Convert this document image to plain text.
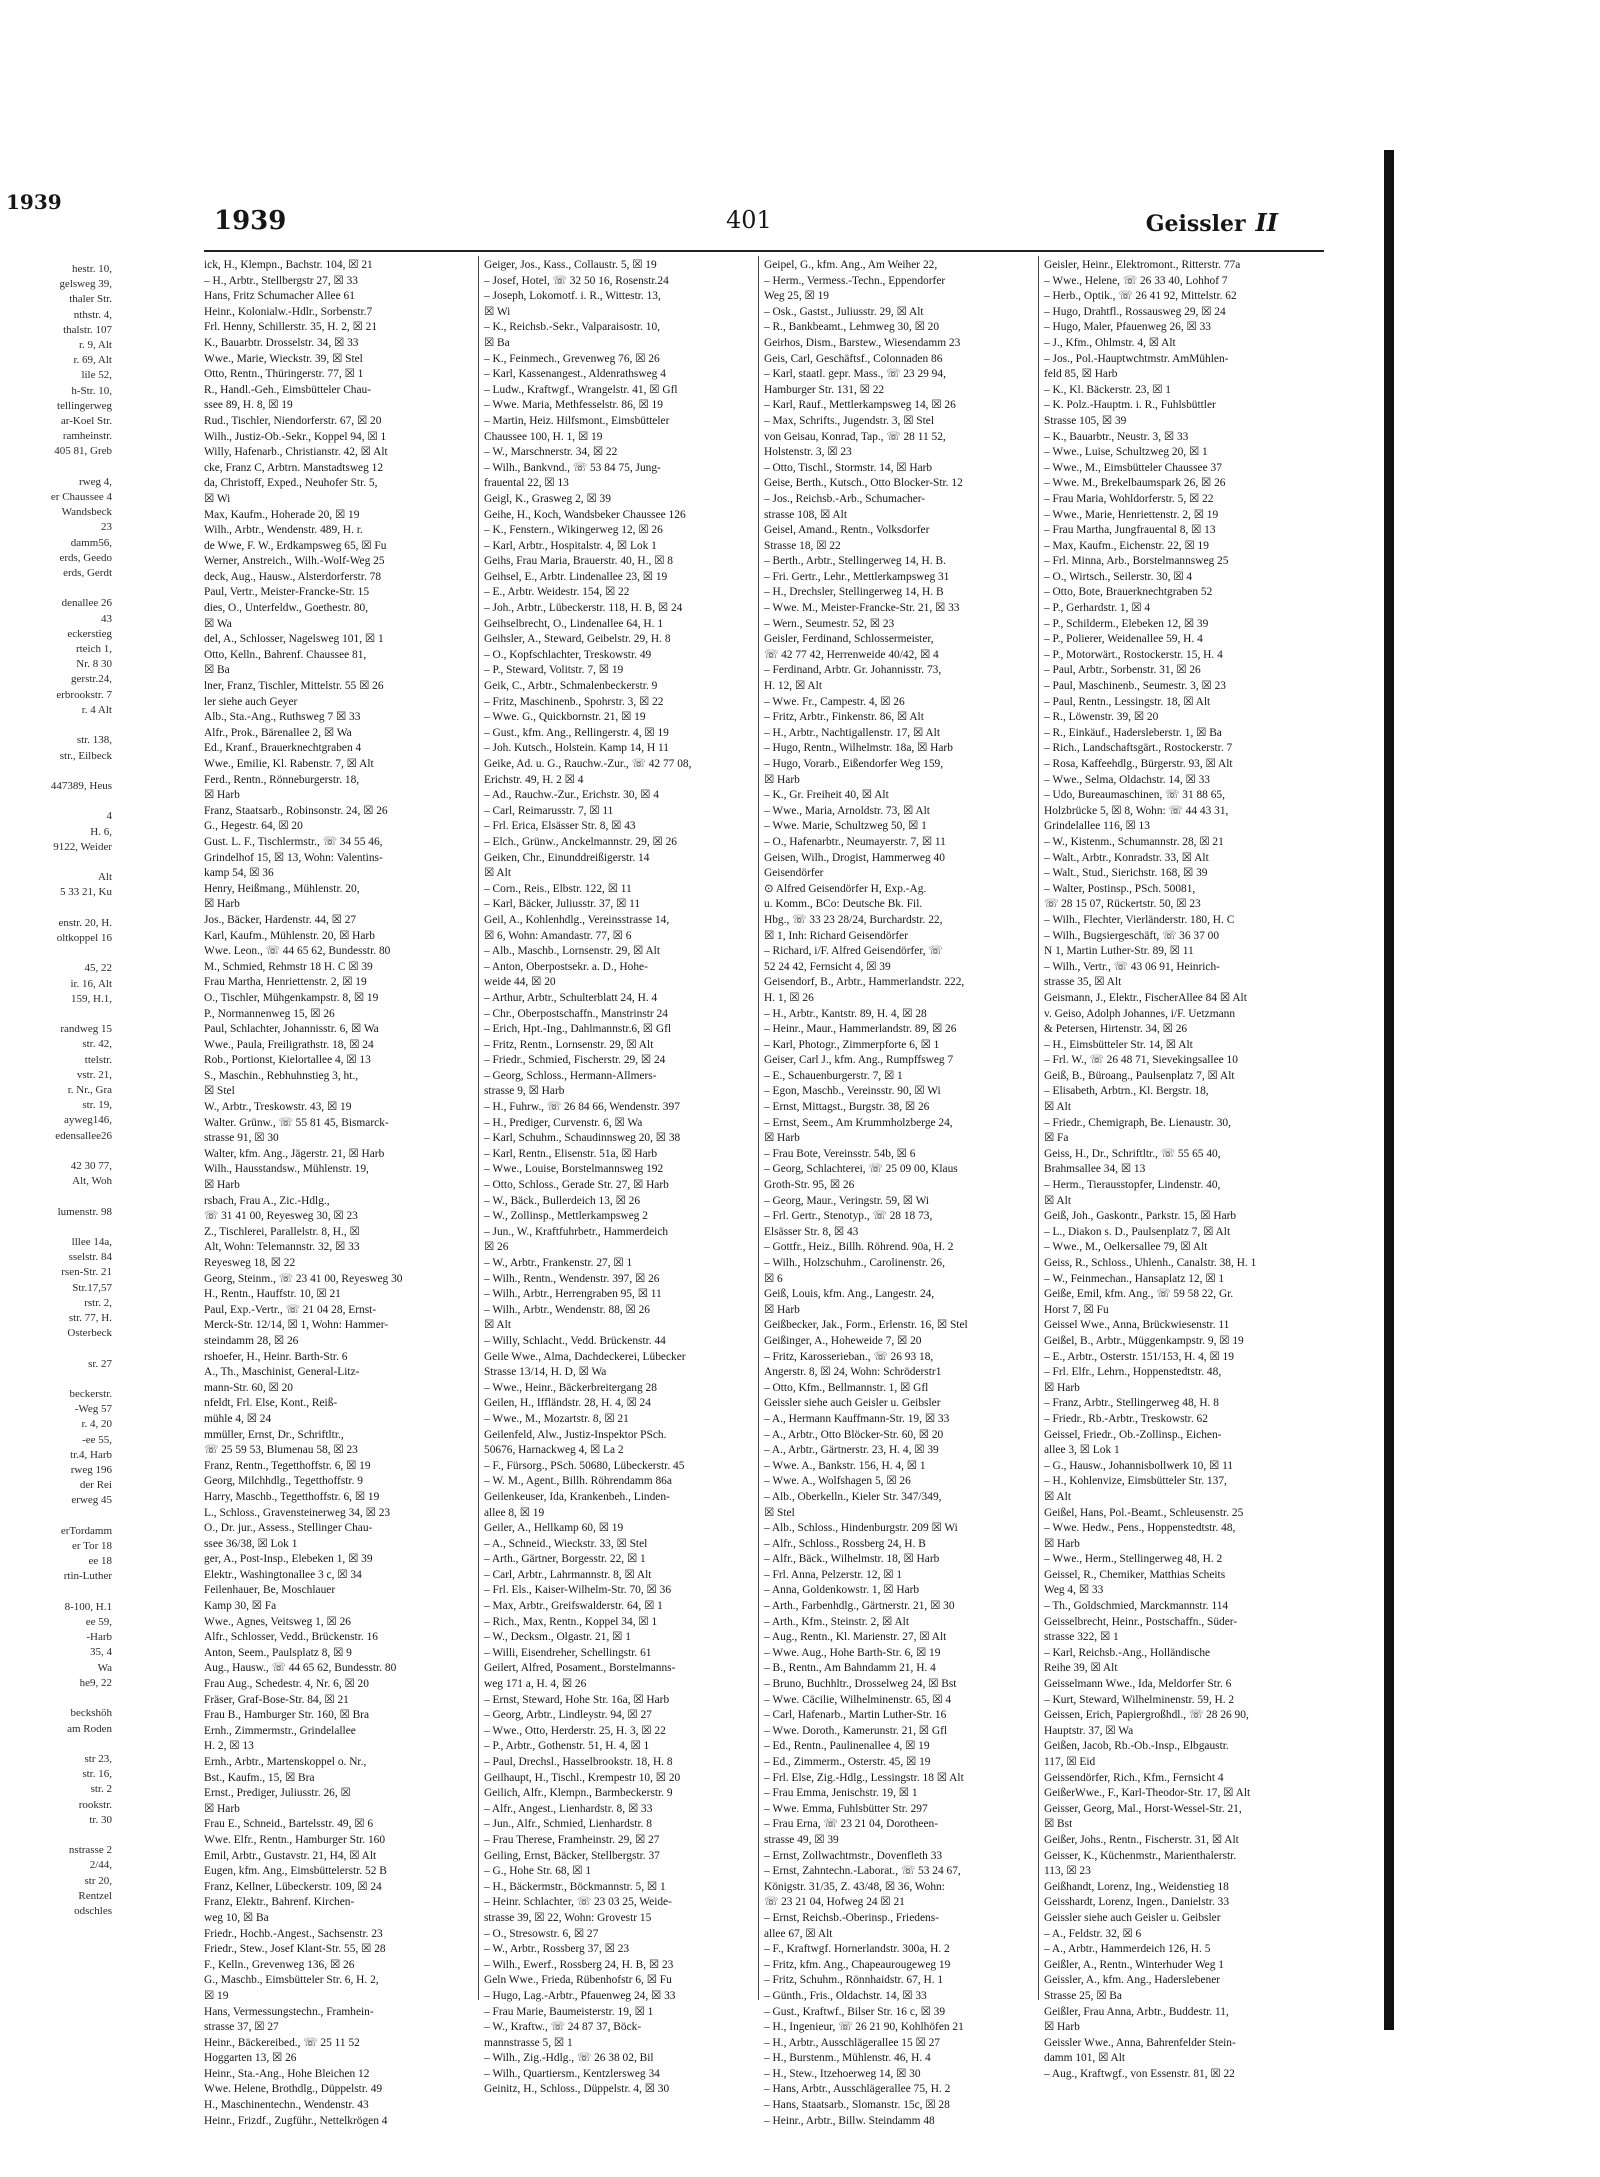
1939
hestr. 10,
gelsweg 39,
thaler Str.
nthstr. 4,
thalstr. 107
r. 9, Alt
r. 69, Alt
lile 52,
h-Str. 10,
tellingerweg
ar-Koel Str.
ramheinstr.
405 81, Greb

rweg 4,
er Chaussee 4
Wandsbeck
23
damm56,
erds, Geedo
erds, Gerdt

denallee 26
43
eckerstieg
rteich 1,
Nr. 8 30
gerstr.24,
erbrookstr. 7
r. 4 Alt

str. 138,
str., Eilbeck

447389, Heus

4
H. 6,
9122, Weider

Alt
5 33 21, Ku

enstr. 20, H.
oltkoppel 16

45, 22
ir. 16, Alt
159, H.1,

randweg 15
str. 42,
ttelstr.
vstr. 21,
r. Nr., Gra
str. 19,
ayweg146,
edensallee26

42 30 77,
Alt, Woh

lumenstr. 98

lllee 14a,
sselstr. 84
rsen-Str. 21
Str.17,57
rstr. 2,
str. 77, H.
Osterbeck

sr. 27

beckerstr.
-Weg 57
r. 4, 20
-ee 55,
tr.4, Harb
rweg 196
der Rei
erweg 45

erTordamm
er Tor 18
ee 18
rtin-Luther

8-100, H.1
ee 59,
-Harb
35, 4
Wa
he9, 22

beckshöh
am Roden

str 23,
str. 16,
str. 2
rookstr.
tr. 30

nstrasse 2
2/44,
str 20,
Rentzel
odschles
1939	401	Geissler II
ick, H., Klempn., Bachstr. 104, ☒ 21
– H., Arbtr., Stellbergstr 27, ☒ 33
Hans, Fritz Schumacher Allee 61
Heinr., Kolonialw.-Hdlr., Sorbenstr.7
Frl. Henny, Schillerstr. 35, H. 2, ☒ 21
K., Bauarbtr. Drosselstr. 34, ☒ 33
Wwe., Marie, Wieckstr. 39, ☒ Stel
Otto, Rentn., Thüringerstr. 77, ☒ 1
R., Handl.-Geh., Eimsbütteler Chau-
ssee 89, H. 8, ☒ 19
Rud., Tischler, Niendorferstr. 67, ☒ 20
Wilh., Justiz-Ob.-Sekr., Koppel 94, ☒ 1
Willy, Hafenarb., Christianstr. 42, ☒ Alt
cke, Franz C, Arbtrn. Manstadtsweg 12
da, Christoff, Exped., Neuhofer Str. 5,
☒ Wi
Max, Kaufm., Hoherade 20, ☒ 19
Wilh., Arbtr., Wendenstr. 489, H. r.
de Wwe, F. W., Erdkampsweg 65, ☒ Fu
Werner, Anstreich., Wilh.-Wolf-Weg 25
deck, Aug., Hausw., Alsterdorferstr. 78
Paul, Vertr., Meister-Francke-Str. 15
dies, O., Unterfeldw., Goethestr. 80,
☒ Wa
del, A., Schlosser, Nagelsweg 101, ☒ 1
Otto, Kelln., Bahrenf. Chaussee 81,
☒ Ba
lner, Franz, Tischler, Mittelstr. 55 ☒ 26
ler siehe auch Geyer
Alb., Sta.-Ang., Ruthsweg 7 ☒ 33
Alfr., Prok., Bärenallee 2, ☒ Wa
Ed., Kranf., Brauerknechtgraben 4
Wwe., Emilie, Kl. Rabenstr. 7, ☒ Alt
Ferd., Rentn., Rönneburgerstr. 18,
☒ Harb
Franz, Staatsarb., Robinsonstr. 24, ☒ 26
G., Hegestr. 64, ☒ 20
Gust. L. F., Tischlermstr., ☏ 34 55 46,
Grindelhof 15, ☒ 13, Wohn: Valentins-
kamp 54, ☒ 36
Henry, Heißmang., Mühlenstr. 20,
☒ Harb
Jos., Bäcker, Hardenstr. 44, ☒ 27
Karl, Kaufm., Mühlenstr. 20, ☒ Harb
Wwe. Leon., ☏ 44 65 62, Bundesstr. 80
M., Schmied, Rehmstr 18 H. C ☒ 39
Frau Martha, Henriettenstr. 2, ☒ 19
O., Tischler, Mühgenkampstr. 8, ☒ 19
P., Normannenweg 15, ☒ 26
Paul, Schlachter, Johannisstr. 6, ☒ Wa
Wwe., Paula, Freiligrathstr. 18, ☒ 24
Rob., Portionst, Kielortallee 4, ☒ 13
S., Maschin., Rebhuhnstieg 3, ht.,
☒ Stel
W., Arbtr., Treskowstr. 43, ☒ 19
Walter. Grünw., ☏ 55 81 45, Bismarck-
strasse 91, ☒ 30
Walter, kfm. Ang., Jägerstr. 21, ☒ Harb
Wilh., Hausstandsw., Mühlenstr. 19,
☒ Harb
rsbach, Frau A., Zic.-Hdlg.,
☏ 31 41 00, Reyesweg 30, ☒ 23
Z., Tischlerei, Parallelstr. 8, H., ☒
Alt, Wohn: Telemannstr. 32, ☒ 33
Reyesweg 18, ☒ 22
Georg, Steinm., ☏ 23 41 00, Reyesweg 30
H., Rentn., Hauffstr. 10, ☒ 21
Paul, Exp.-Vertr., ☏ 21 04 28, Ernst-
Merck-Str. 12/14, ☒ 1, Wohn: Hammer-
steindamm 28, ☒ 26
rshoefer, H., Heinr. Barth-Str. 6
A., Th., Maschinist, General-Litz-
mann-Str. 60, ☒ 20
nfeldt, Frl. Else, Kont., Reiß-
mühle 4, ☒ 24
mmüller, Ernst, Dr., Schriftltr.,
☏ 25 59 53, Blumenau 58, ☒ 23
Franz, Rentn., Tegetthoffstr. 6, ☒ 19
Georg, Milchhdlg., Tegetthoffstr. 9
Harry, Maschb., Tegetthoffstr. 6, ☒ 19
L., Schloss., Gravensteinerweg 34, ☒ 23
O., Dr. jur., Assess., Stellinger Chau-
ssee 36/38, ☒ Lok 1
ger, A., Post-Insp., Elebeken 1, ☒ 39
Elektr., Washingtonallee 3 c, ☒ 34
Feilenhauer, Be, Moschlauer
Kamp 30, ☒ Fa
Wwe., Agnes, Veitsweg 1, ☒ 26
Alfr., Schlosser, Vedd., Brückenstr. 16
Anton, Seem., Paulsplatz 8, ☒ 9
Aug., Hausw., ☏ 44 65 62, Bundesstr. 80
Frau Aug., Schedestr. 4, Nr. 6, ☒ 20
Fräser, Graf-Bose-Str. 84, ☒ 21
Frau B., Hamburger Str. 160, ☒ Bra
Ernh., Zimmermstr., Grindelallee
H. 2, ☒ 13
Ernh., Arbtr., Martenskoppel o. Nr.,
Bst., Kaufm., 15, ☒ Bra
Ernst., Prediger, Juliusstr. 26, ☒
☒ Harb
Frau E., Schneid., Bartelsstr. 49, ☒ 6
Wwe. Elfr., Rentn., Hamburger Str. 160
Emil, Arbtr., Gustavstr. 21, H4, ☒ Alt
Eugen, kfm. Ang., Eimsbüttelerstr. 52 B
Franz, Kellner, Lübeckerstr. 109, ☒ 24
Franz, Elektr., Bahrenf. Kirchen-
weg 10, ☒ Ba
Friedr., Hochb.-Angest., Sachsenstr. 23
Friedr., Stew., Josef Klant-Str. 55, ☒ 28
F., Kelln., Grevenweg 136, ☒ 26
G., Maschb., Eimsbütteler Str. 6, H. 2,
☒ 19
Hans, Vermessungstechn., Framhein-
strasse 37, ☒ 27
Heinr., Bäckereibed., ☏ 25 11 52
Hoggarten 13, ☒ 26
Heinr., Sta.-Ang., Hohe Bleichen 12
Wwe. Helene, Brothdlg., Düppelstr. 49
H., Maschinentechn., Wendenstr. 43
Heinr., Frizdf., Zugführ., Nettelkrögen 4
Geiger, Jos., Kass., Collaustr. 5, ☒ 19
– Josef, Hotel, ☏ 32 50 16, Rosenstr.24
– Joseph, Lokomotf. i. R., Wittestr. 13,
☒ Wi
– K., Reichsb.-Sekr., Valparaisostr. 10,
☒ Ba
– K., Feinmech., Grevenweg 76, ☒ 26
– Karl, Kassenangest., Aldenrathsweg 4
– Ludw., Kraftwgf., Wrangelstr. 41, ☒ Gfl
– Wwe. Maria, Methfesselstr. 86, ☒ 19
– Martin, Heiz. Hilfsmont., Eimsbütteler
Chaussee 100, H. 1, ☒ 19
– W., Marschnerstr. 34, ☒ 22
– Wilh., Bankvnd., ☏ 53 84 75, Jung-
frauental 22, ☒ 13
Geigl, K., Grasweg 2, ☒ 39
Geihe, H., Koch, Wandsbeker Chaussee 126
– K., Fenstern., Wikingerweg 12, ☒ 26
– Karl, Arbtr., Hospitalstr. 4, ☒ Lok 1
Geihs, Frau Maria, Brauerstr. 40, H., ☒ 8
Geihsel, E., Arbtr. Lindenallee 23, ☒ 19
– E., Arbtr. Weidestr. 154, ☒ 22
– Joh., Arbtr., Lübeckerstr. 118, H. B, ☒ 24
Geihselbrecht, O., Lindenallee 64, H. 1
Geihsler, A., Steward, Geibelstr. 29, H. 8
– O., Kopfschlachter, Treskowstr. 49
– P., Steward, Volitstr. 7, ☒ 19
Geik, C., Arbtr., Schmalenbeckerstr. 9
– Fritz, Maschinenb., Spohrstr. 3, ☒ 22
– Wwe. G., Quickbornstr. 21, ☒ 19
– Gust., kfm. Ang., Rellingerstr. 4, ☒ 19
– Joh. Kutsch., Holstein. Kamp 14, H 11
Geike, Ad. u. G., Rauchw.-Zur., ☏ 42 77 08,
Erichstr. 49, H. 2 ☒ 4
– Ad., Rauchw.-Zur., Erichstr. 30, ☒ 4
– Carl, Reimarusstr. 7, ☒ 11
– Frl. Erica, Elsässer Str. 8, ☒ 43
– Elch., Grünw., Anckelmannstr. 29, ☒ 26
Geiken, Chr., Einunddreißigerstr. 14
☒ Alt
– Corn., Reis., Elbstr. 122, ☒ 11
– Karl, Bäcker, Juliusstr. 37, ☒ 11
Geil, A., Kohlenhdlg., Vereinsstrasse 14,
☒ 6, Wohn: Amandastr. 77, ☒ 6
– Alb., Maschb., Lornsenstr. 29, ☒ Alt
– Anton, Oberpostsekr. a. D., Hohe-
weide 44, ☒ 20
– Arthur, Arbtr., Schulterblatt 24, H. 4
– Chr., Oberpostschaffn., Manstrinstr 24
– Erich, Hpt.-Ing., Dahlmannstr.6, ☒ Gfl
– Fritz, Rentn., Lornsenstr. 29, ☒ Alt
– Friedr., Schmied, Fischerstr. 29, ☒ 24
– Georg, Schloss., Hermann-Allmers-
strasse 9, ☒ Harb
– H., Fuhrw., ☏ 26 84 66, Wendenstr. 397
– H., Prediger, Curvenstr. 6, ☒ Wa
– Karl, Schuhm., Schaudinnsweg 20, ☒ 38
– Karl, Rentn., Elisenstr. 51a, ☒ Harb
– Wwe., Louise, Borstelmannsweg 192
– Otto, Schloss., Gerade Str. 27, ☒ Harb
– W., Bäck., Bullerdeich 13, ☒ 26
– W., Zollinsp., Mettlerkampsweg 2
– Jun., W., Kraftfuhrbetr., Hammerdeich
☒ 26
– W., Arbtr., Frankenstr. 27, ☒ 1
– Wilh., Rentn., Wendenstr. 397, ☒ 26
– Wilh., Arbtr., Herrengraben 95, ☒ 11
– Wilh., Arbtr., Wendenstr. 88, ☒ 26
☒ Alt
– Willy, Schlacht., Vedd. Brückenstr. 44
Geile Wwe., Alma, Dachdeckerei, Lübecker
Strasse 13/14, H. D, ☒ Wa
– Wwe., Heinr., Bäckerbreitergang 28
Geilen, H., Iffländstr. 28, H. 4, ☒ 24
– Wwe., M., Mozartstr. 8, ☒ 21
Geilenfeld, Alw., Justiz-Inspektor PSch.
50676, Harnackweg 4, ☒ La 2
– F., Fürsorg., PSch. 50680, Lübeckerstr. 45
– W. M., Agent., Billh. Röhrendamm 86a
Geilenkeuser, Ida, Krankenbeh., Linden-
allee 8, ☒ 19
Geiler, A., Hellkamp 60, ☒ 19
– A., Schneid., Wieckstr. 33, ☒ Stel
– Arth., Gärtner, Borgesstr. 22, ☒ 1
– Carl, Arbtr., Lahrmannstr. 8, ☒ Alt
– Frl. Els., Kaiser-Wilhelm-Str. 70, ☒ 36
– Max, Arbtr., Greifswalderstr. 64, ☒ 1
– Rich., Max, Rentn., Koppel 34, ☒ 1
– W., Decksm., Olgastr. 21, ☒ 1
– Willi, Eisendreher, Schellingstr. 61
Geilert, Alfred, Posament., Borstelmanns-
weg 171 a, H. 4, ☒ 26
– Ernst, Steward, Hohe Str. 16a, ☒ Harb
– Georg, Arbtr., Lindleystr. 94, ☒ 27
– Wwe., Otto, Herderstr. 25, H. 3, ☒ 22
– P., Arbtr., Gothenstr. 51, H. 4, ☒ 1
– Paul, Drechsl., Hasselbrookstr. 18, H. 8
Geilhaupt, H., Tischl., Krempestr 10, ☒ 20
Geilich, Alfr., Klempn., Barmbeckerstr. 9
– Alfr., Angest., Lienhardstr. 8, ☒ 33
– Jun., Alfr., Schmied, Lienhardstr. 8
– Frau Therese, Framheinstr. 29, ☒ 27
Geiling, Ernst, Bäcker, Stellbergstr. 37
– G., Hohe Str. 68, ☒ 1
– H., Bäckermstr., Böckmannstr. 5, ☒ 1
– Heinr. Schlachter, ☏ 23 03 25, Weide-
strasse 39, ☒ 22, Wohn: Grovestr 15
– O., Stresowstr. 6, ☒ 27
– W., Arbtr., Rossberg 37, ☒ 23
– Wilh., Ewerf., Rossberg 24, H. B, ☒ 23
Geln Wwe., Frieda, Rübenhofstr 6, ☒ Fu
– Hugo, Lag.-Arbtr., Pfauenweg 24, ☒ 33
– Frau Marie, Baumeisterstr. 19, ☒ 1
– W., Kraftw., ☏ 24 87 37, Böck-
mannstrasse 5, ☒ 1
– Wilh., Zig.-Hdlg., ☏ 26 38 02, Bil
– Wilh., Quartiersm., Kentzlersweg 34
Geinitz, H., Schloss., Düppelstr. 4, ☒ 30
Geipel, G., kfm. Ang., Am Weiher 22,
– Herm., Vermess.-Techn., Eppendorfer
Weg 25, ☒ 19
– Osk., Gastst., Juliusstr. 29, ☒ Alt
– R., Bankbeamt., Lehmweg 30, ☒ 20
Geirhos, Dism., Barstew., Wiesendamm 23
Geis, Carl, Geschäftsf., Colonnaden 86
– Karl, staatl. gepr. Mass., ☏ 23 29 94,
Hamburger Str. 131, ☒ 22
– Karl, Rauf., Mettlerkampsweg 14, ☒ 26
– Max, Schrifts., Jugendstr. 3, ☒ Stel
von Geisau, Konrad, Tap., ☏ 28 11 52,
Holstenstr. 3, ☒ 23
– Otto, Tischl., Stormstr. 14, ☒ Harb
Geise, Berth., Kutsch., Otto Blocker-Str. 12
– Jos., Reichsb.-Arb., Schumacher-
strasse 108, ☒ Alt
Geisel, Amand., Rentn., Volksdorfer
Strasse 18, ☒ 22
– Berth., Arbtr., Stellingerweg 14, H. B.
– Fri. Gertr., Lehr., Mettlerkampsweg 31
– H., Drechsler, Stellingerweg 14, H. B
– Wwe. M., Meister-Francke-Str. 21, ☒ 33
– Wern., Seumestr. 52, ☒ 23
Geisler, Ferdinand, Schlossermeister,
☏ 42 77 42, Herrenweide 40/42, ☒ 4
– Ferdinand, Arbtr. Gr. Johannisstr. 73,
H. 12, ☒ Alt
– Wwe. Fr., Campestr. 4, ☒ 26
– Fritz, Arbtr., Finkenstr. 86, ☒ Alt
– H., Arbtr., Nachtigallenstr. 17, ☒ Alt
– Hugo, Rentn., Wilhelmstr. 18a, ☒ Harb
– Hugo, Vorarb., Eißendorfer Weg 159,
☒ Harb
– K., Gr. Freiheit 40, ☒ Alt
– Wwe., Maria, Arnoldstr. 73, ☒ Alt
– Wwe. Marie, Schultzweg 50, ☒ 1
– O., Hafenarbtr., Neumayerstr. 7, ☒ 11
Geisen, Wilh., Drogist, Hammerweg 40
Geisendörfer
⊙ Alfred Geisendörfer H, Exp.-Ag.
u. Komm., BCo: Deutsche Bk. Fil.
Hbg., ☏ 33 23 28/24, Burchardstr. 22,
☒ 1, Inh: Richard Geisendörfer
– Richard, i/F. Alfred Geisendörfer, ☏
52 24 42, Fernsicht 4, ☒ 39
Geisendorf, B., Arbtr., Hammerlandstr. 222,
H. 1, ☒ 26
– H., Arbtr., Kantstr. 89, H. 4, ☒ 28
– Heinr., Maur., Hammerlandstr. 89, ☒ 26
– Karl, Photogr., Zimmerpforte 6, ☒ 1
Geiser, Carl J., kfm. Ang., Rumpffsweg 7
– E., Schauenburgerstr. 7, ☒ 1
– Egon, Maschb., Vereinsstr. 90, ☒ Wi
– Ernst, Mittagst., Burgstr. 38, ☒ 26
– Ernst, Seem., Am Krummholzberge 24,
☒ Harb
– Frau Bote, Vereinsstr. 54b, ☒ 6
– Georg, Schlachterei, ☏ 25 09 00, Klaus
Groth-Str. 95, ☒ 26
– Georg, Maur., Veringstr. 59, ☒ Wi
– Frl. Gertr., Stenotyp., ☏ 28 18 73,
Elsässer Str. 8, ☒ 43
– Gottfr., Heiz., Billh. Röhrend. 90a, H. 2
– Wilh., Holzschuhm., Carolinenstr. 26,
☒ 6
Geiß, Louis, kfm. Ang., Langestr. 24,
☒ Harb
Geißbecker, Jak., Form., Erlenstr. 16, ☒ Stel
Geißinger, A., Hoheweide 7, ☒ 20
– Fritz, Karosserieban., ☏ 26 93 18,
Angerstr. 8, ☒ 24, Wohn: Schröderstr1
– Otto, Kfm., Bellmannstr. 1, ☒ Gfl
Geissler siehe auch Geisler u. Geibsler
– A., Hermann Kauffmann-Str. 19, ☒ 33
– A., Arbtr., Otto Blöcker-Str. 60, ☒ 20
– A., Arbtr., Gärtnerstr. 23, H. 4, ☒ 39
– Wwe. A., Bankstr. 156, H. 4, ☒ 1
– Wwe. A., Wolfshagen 5, ☒ 26
– Alb., Oberkelln., Kieler Str. 347/349,
☒ Stel
– Alb., Schloss., Hindenburgstr. 209 ☒ Wi
– Alfr., Schloss., Rossberg 24, H. B
– Alfr., Bäck., Wilhelmstr. 18, ☒ Harb
– Frl. Anna, Pelzerstr. 12, ☒ 1
– Anna, Goldenkowstr. 1, ☒ Harb
– Arth., Farbenhdlg., Gärtnerstr. 21, ☒ 30
– Arth., Kfm., Steinstr. 2, ☒ Alt
– Aug., Rentn., Kl. Marienstr. 27, ☒ Alt
– Wwe. Aug., Hohe Barth-Str. 6, ☒ 19
– B., Rentn., Am Bahndamm 21, H. 4
– Bruno, Buchhltr., Drosselweg 24, ☒ Bst
– Wwe. Cäcilie, Wilhelminenstr. 65, ☒ 4
– Carl, Hafenarb., Martin Luther-Str. 16
– Wwe. Doroth., Kamerunstr. 21, ☒ Gfl
– Ed., Rentn., Paulinenallee 4, ☒ 19
– Ed., Zimmerm., Osterstr. 45, ☒ 19
– Frl. Else, Zig.-Hdlg., Lessingstr. 18 ☒ Alt
– Frau Emma, Jenischstr. 19, ☒ 1
– Wwe. Emma, Fuhlsbütter Str. 297
– Frau Erna, ☏ 23 21 04, Dorotheen-
strasse 49, ☒ 39
– Ernst, Zollwachtmstr., Dovenfleth 33
– Ernst, Zahntechn.-Laborat., ☏ 53 24 67,
Königstr. 31/35, Z. 43/48, ☒ 36, Wohn:
☏ 23 21 04, Hofweg 24 ☒ 21
– Ernst, Reichsb.-Oberinsp., Friedens-
allee 67, ☒ Alt
– F., Kraftwgf. Hornerlandstr. 300a, H. 2
– Fritz, kfm. Ang., Chapeaurougeweg 19
– Fritz, Schuhm., Rönnhaidstr. 67, H. 1
– Günth., Fris., Oldachstr. 14, ☒ 33
– Gust., Kraftwf., Bilser Str. 16 c, ☒ 39
– H., Ingenieur, ☏ 26 21 90, Kohlhöfen 21
– H., Arbtr., Ausschlägerallee 15 ☒ 27
– H., Burstenm., Mühlenstr. 46, H. 4
– H., Stew., Itzehoerweg 14, ☒ 30
– Hans, Arbtr., Ausschlägerallee 75, H. 2
– Hans, Staatsarb., Slomanstr. 15c, ☒ 28
– Heinr., Arbtr., Billw. Steindamm 48
Geisler, Heinr., Elektromont., Ritterstr. 77a
– Wwe., Helene, ☏ 26 33 40, Lohhof 7
– Herb., Optik., ☏ 26 41 92, Mittelstr. 62
– Hugo, Drahtfl., Rossausweg 29, ☒ 24
– Hugo, Maler, Pfauenweg 26, ☒ 33
– J., Kfm., Ohlmstr. 4, ☒ Alt
– Jos., Pol.-Hauptwchtmstr. AmMühlen-
feld 85, ☒ Harb
– K., Kl. Bäckerstr. 23, ☒ 1
– K. Polz.-Hauptm. i. R., Fuhlsbüttler
Strasse 105, ☒ 39
– K., Bauarbtr., Neustr. 3, ☒ 33
– Wwe., Luise, Schultzweg 20, ☒ 1
– Wwe., M., Eimsbütteler Chaussee 37
– Wwe. M., Brekelbaumspark 26, ☒ 26
– Frau Maria, Wohldorferstr. 5, ☒ 22
– Wwe., Marie, Henriettenstr. 2, ☒ 19
– Frau Martha, Jungfrauental 8, ☒ 13
– Max, Kaufm., Eichenstr. 22, ☒ 19
– Frl. Minna, Arb., Borstelmannsweg 25
– O., Wirtsch., Seilerstr. 30, ☒ 4
– Otto, Bote, Brauerknechtgraben 52
– P., Gerhardstr. 1, ☒ 4
– P., Schilderm., Elebeken 12, ☒ 39
– P., Polierer, Weidenallee 59, H. 4
– P., Motorwärt., Rostockerstr. 15, H. 4
– Paul, Arbtr., Sorbenstr. 31, ☒ 26
– Paul, Maschinenb., Seumestr. 3, ☒ 23
– Paul, Rentn., Lessingstr. 18, ☒ Alt
– R., Löwenstr. 39, ☒ 20
– R., Einkäuf., Hadersleberstr. 1, ☒ Ba
– Rich., Landschaftsgärt., Rostockerstr. 7
– Rosa, Kaffeehdlg., Bürgerstr. 93, ☒ Alt
– Wwe., Selma, Oldachstr. 14, ☒ 33
– Udo, Bureaumaschinen, ☏ 31 88 65,
Holzbrücke 5, ☒ 8, Wohn: ☏ 44 43 31,
Grindelallee 116, ☒ 13
– W., Kistenm., Schumannstr. 28, ☒ 21
– Walt., Arbtr., Konradstr. 33, ☒ Alt
– Walt., Stud., Sierichstr. 168, ☒ 39
– Walter, Postinsp., PSch. 50081,
☏ 28 15 07, Rückertstr. 50, ☒ 23
– Wilh., Flechter, Vierländerstr. 180, H. C
– Wilh., Bugsiergeschäft, ☏ 36 37 00
N 1, Martin Luther-Str. 89, ☒ 11
– Wilh., Vertr., ☏ 43 06 91, Heinrich-
strasse 35, ☒ Alt
Geismann, J., Elektr., FischerAllee 84 ☒ Alt
v. Geiso, Adolph Johannes, i/F. Uetzmann
& Petersen, Hirtenstr. 34, ☒ 26
– H., Eimsbütteler Str. 14, ☒ Alt
– Frl. W., ☏ 26 48 71, Sievekingsallee 10
Geiß, B., Büroang., Paulsenplatz 7, ☒ Alt
– Elisabeth, Arbtrn., Kl. Bergstr. 18,
☒ Alt
– Friedr., Chemigraph, Be. Lienaustr. 30,
☒ Fa
Geiss, H., Dr., Schriftltr., ☏ 55 65 40,
Brahmsallee 34, ☒ 13
– Herm., Tierausstopfer, Lindenstr. 40,
☒ Alt
Geiß, Joh., Gaskontr., Parkstr. 15, ☒ Harb
– L., Diakon s. D., Paulsenplatz 7, ☒ Alt
– Wwe., M., Oelkersallee 79, ☒ Alt
Geiss, R., Schloss., Uhlenh., Canalstr. 38, H. 1
– W., Feinmechan., Hansaplatz 12, ☒ 1
Geiße, Emil, kfm. Ang., ☏ 59 58 22, Gr.
Horst 7, ☒ Fu
Geissel Wwe., Anna, Brückwiesenstr. 11
Geißel, B., Arbtr., Müggenkampstr. 9, ☒ 19
– E., Arbtr., Osterstr. 151/153, H. 4, ☒ 19
– Frl. Elfr., Lehrn., Hoppenstedtstr. 48,
☒ Harb
– Franz, Arbtr., Stellingerweg 48, H. 8
– Friedr., Rb.-Arbtr., Treskowstr. 62
Geissel, Friedr., Ob.-Zollinsp., Eichen-
allee 3, ☒ Lok 1
– G., Hausw., Johannisbollwerk 10, ☒ 11
– H., Kohlenvize, Eimsbütteler Str. 137,
☒ Alt
Geißel, Hans, Pol.-Beamt., Schleusenstr. 25
– Wwe. Hedw., Pens., Hoppenstedtstr. 48,
☒ Harb
– Wwe., Herm., Stellingerweg 48, H. 2
Geissel, R., Chemiker, Matthias Scheits
Weg 4, ☒ 33
– Th., Goldschmied, Marckmannstr. 114
Geisselbrecht, Heinr., Postschaffn., Süder-
strasse 322, ☒ 1
– Karl, Reichsb.-Ang., Holländische
Reihe 39, ☒ Alt
Geisselmann Wwe., Ida, Meldorfer Str. 6
– Kurt, Steward, Wilhelminenstr. 59, H. 2
Geissen, Erich, Papiergroßhdl., ☏ 28 26 90,
Hauptstr. 37, ☒ Wa
Geißen, Jacob, Rb.-Ob.-Insp., Elbgaustr.
117, ☒ Eid
Geissendörfer, Rich., Kfm., Fernsicht 4
GeißerWwe., F., Karl-Theodor-Str. 17, ☒ Alt
Geisser, Georg, Mal., Horst-Wessel-Str. 21,
☒ Bst
Geißer, Johs., Rentn., Fischerstr. 31, ☒ Alt
Geisser, K., Küchenmstr., Marienthalerstr.
113, ☒ 23
Geißhandt, Lorenz, Ing., Weidenstieg 18
Geisshardt, Lorenz, Ingen., Danielstr. 33
Geissler siehe auch Geisler u. Geibsler
– A., Feldstr. 32, ☒ 6
– A., Arbtr., Hammerdeich 126, H. 5
Geißler, A., Rentn., Winterhuder Weg 1
Geissler, A., kfm. Ang., Haderslebener
Strasse 25, ☒ Ba
Geißler, Frau Anna, Arbtr., Buddestr. 11,
☒ Harb
Geissler Wwe., Anna, Bahrenfelder Stein-
damm 101, ☒ Alt
– Aug., Kraftwgf., von Essenstr. 81, ☒ 22
